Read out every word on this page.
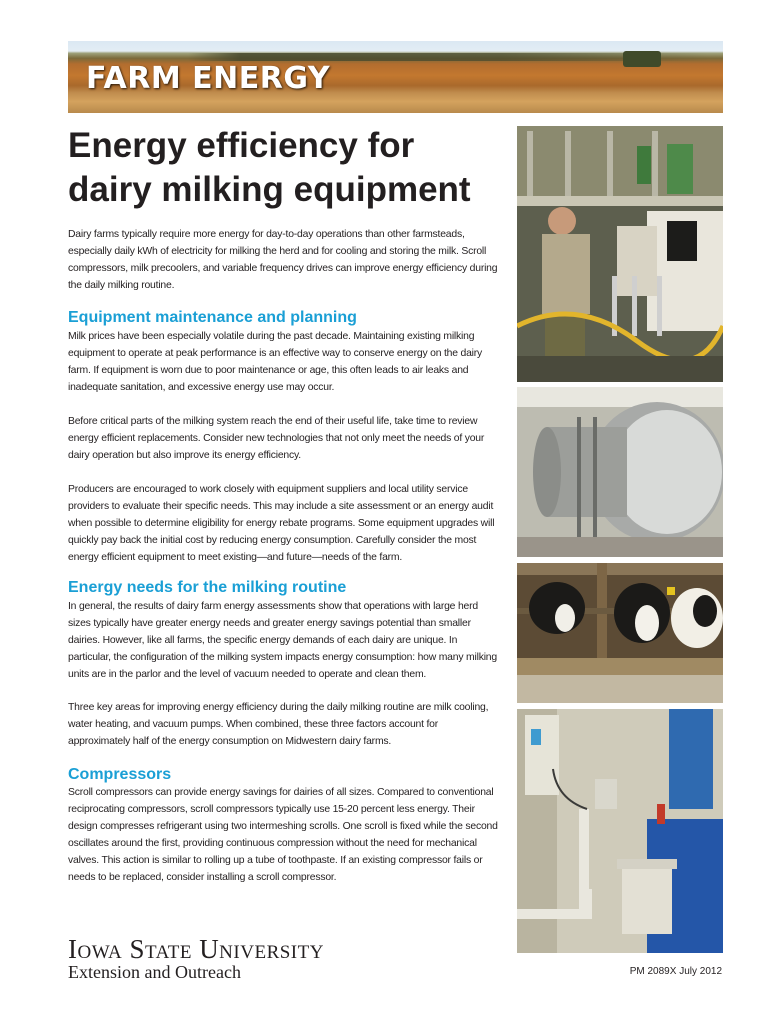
FARM ENERGY
Energy efficiency for
dairy milking equipment
Dairy farms typically require more energy for day-to-day operations than other farmsteads, especially daily kWh of electricity for milking the herd and for cooling and storing the milk. Scroll compressors, milk precoolers, and variable frequency drives can improve energy efficiency during the daily milking routine.
Equipment maintenance and planning
Milk prices have been especially volatile during the past decade. Maintaining existing milking equipment to operate at peak performance is an effective way to conserve energy on the dairy farm. If equipment is worn due to poor maintenance or age, this often leads to air leaks and inadequate sanitation, and excessive energy use may occur.
Before critical parts of the milking system reach the end of their useful life, take time to review energy efficient replacements. Consider new technologies that not only meet the needs of your dairy operation but also improve its energy efficiency.
Producers are encouraged to work closely with equipment suppliers and local utility service providers to evaluate their specific needs. This may include a site assessment or an energy audit when possible to determine eligibility for energy rebate programs. Some equipment upgrades will quickly pay back the initial cost by reducing energy consumption. Carefully consider the most energy efficient equipment to meet existing—and future—needs of the farm.
Energy needs for the milking routine
In general, the results of dairy farm energy assessments show that operations with large herd sizes typically have greater energy needs and greater energy savings potential than smaller dairies. However, like all farms, the specific energy demands of each dairy are unique. In particular, the configuration of the milking system impacts energy consumption: how many milking units are in the parlor and the level of vacuum needed to operate and clean them.
Three key areas for improving energy efficiency during the daily milking routine are milk cooling, water heating, and vacuum pumps. When combined, these three factors account for approximately half of the energy consumption on Midwestern dairy farms.
Compressors
Scroll compressors can provide energy savings for dairies of all sizes. Compared to conventional reciprocating compressors, scroll compressors typically use 15-20 percent less energy. Their design compresses refrigerant using two intermeshing scrolls. One scroll is fixed while the second oscillates around the first, providing continuous compression without the need for mechanical valves. This action is similar to rolling up a tube of toothpaste. If an existing compressor fails or needs to be replaced, consider installing a scroll compressor.
Iowa State University
Extension and Outreach	PM 2089X July 2012
